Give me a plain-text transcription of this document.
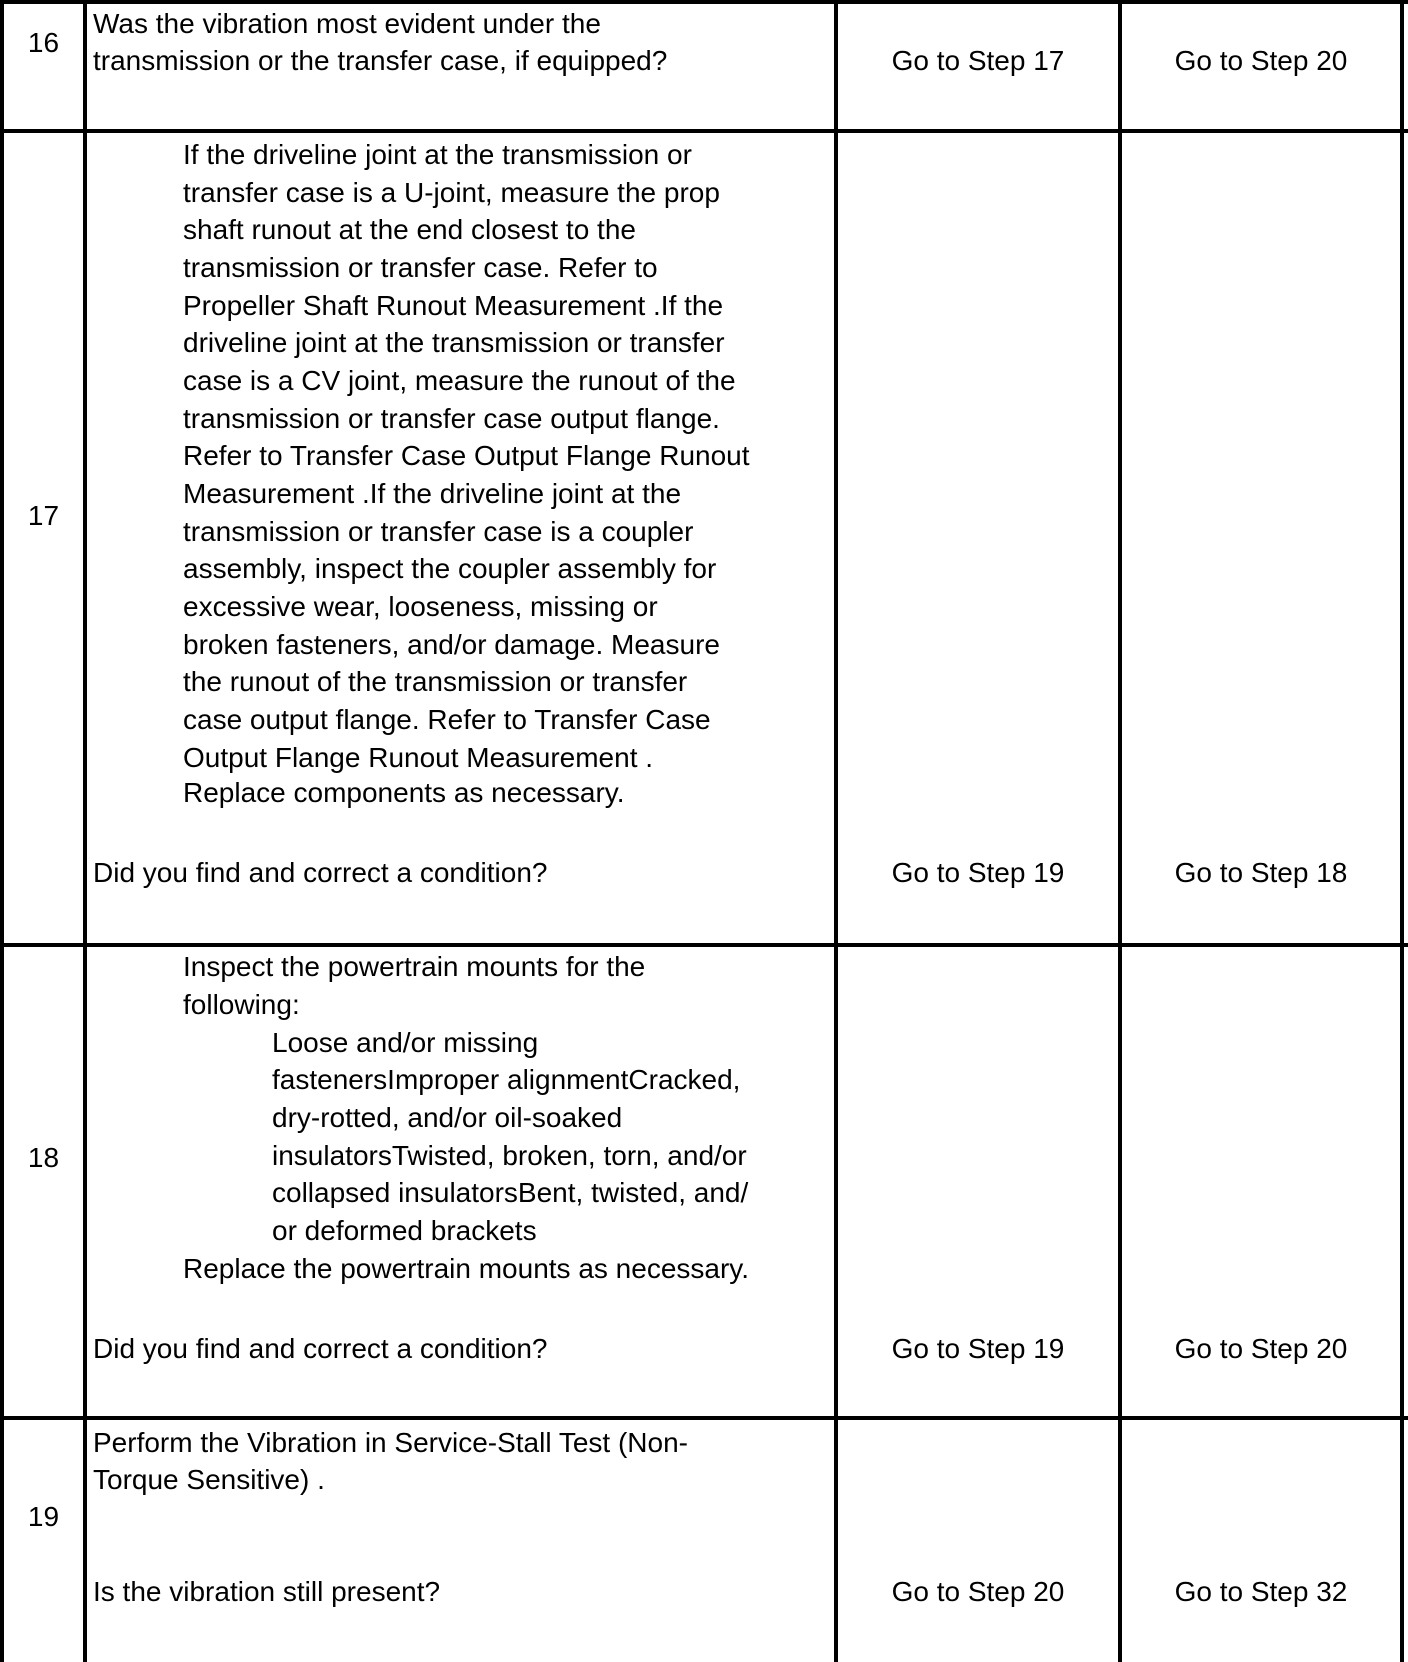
16
Was the vibration most evident under the
transmission or the transfer case, if equipped?	Go to Step 17	Go to Step 20
17
If the driveline joint at the transmission or
transfer case is a U-joint, measure the prop
shaft runout at the end closest to the
transmission or transfer case. Refer to
Propeller Shaft Runout Measurement .If the
driveline joint at the transmission or transfer
case is a CV joint, measure the runout of the
transmission or transfer case output flange.
Refer to Transfer Case Output Flange Runout
Measurement .If the driveline joint at the
transmission or transfer case is a coupler
assembly, inspect the coupler assembly for
excessive wear, looseness, missing or
broken fasteners, and/or damage. Measure
the runout of the transmission or transfer
case output flange. Refer to Transfer Case
Output Flange Runout Measurement .
Replace components as necessary.
Did you find and correct a condition?	Go to Step 19	Go to Step 18
18
Inspect the powertrain mounts for the
following:
Loose and/or missing
fastenersImproper alignmentCracked,
dry-rotted, and/or oil-soaked
insulatorsTwisted, broken, torn, and/or
collapsed insulatorsBent, twisted, and/
or deformed brackets
Replace the powertrain mounts as necessary.
Did you find and correct a condition?	Go to Step 19	Go to Step 20
19
Perform the Vibration in Service-Stall Test (Non-
Torque Sensitive) .
Is the vibration still present?	Go to Step 20	Go to Step 32
